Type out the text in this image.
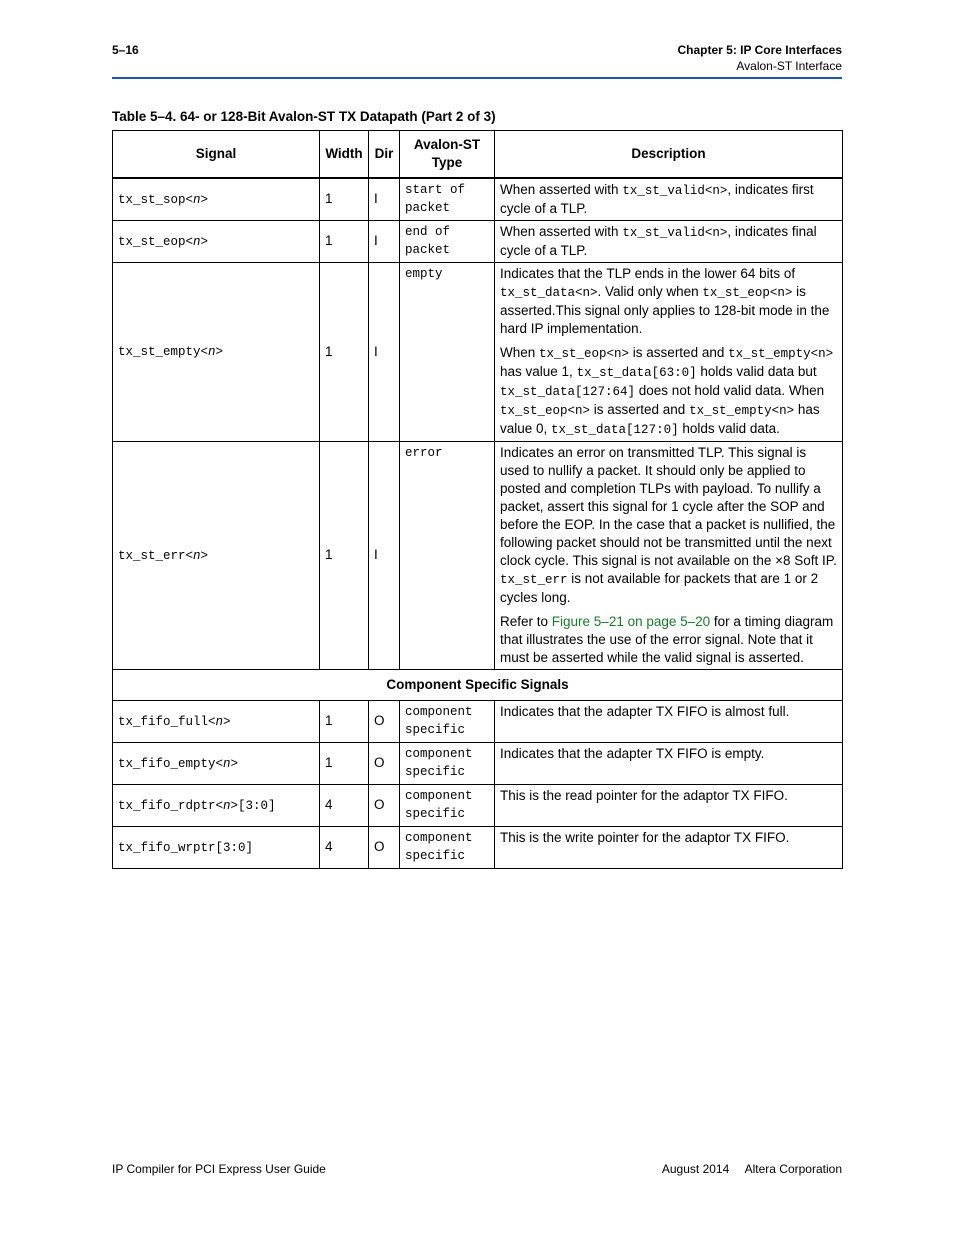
5–16	Chapter 5: IP Core Interfaces
Avalon-ST Interface
Table 5–4. 64- or 128-Bit Avalon-ST TX Datapath (Part 2 of 3)
Signal	Width	Dir	Avalon-ST Type	Description
tx_st_sop<n>	1	I	start of packet	When asserted with tx_st_valid<n>, indicates first cycle of a TLP.

tx_st_eop<n>	1	I	end of packet	When asserted with tx_st_valid<n>, indicates final cycle of a TLP.

tx_st_empty<n>	1	I	empty	Indicates that the TLP ends in the lower 64 bits of tx_st_data<n>. Valid only when tx_st_eop<n> is asserted.This signal only applies to 128-bit mode in the hard IP implementation.
When tx_st_eop<n> is asserted and tx_st_empty<n> has value 1, tx_st_data[63:0] holds valid data but tx_st_data[127:64] does not hold valid data. When tx_st_eop<n> is asserted and tx_st_empty<n> has value 0, tx_st_data[127:0] holds valid data.

tx_st_err<n>	1	I	error	Indicates an error on transmitted TLP. This signal is used to nullify a packet. It should only be applied to posted and completion TLPs with payload. To nullify a packet, assert this signal for 1 cycle after the SOP and before the EOP. In the case that a packet is nullified, the following packet should not be transmitted until the next clock cycle. This signal is not available on the ×8 Soft IP. tx_st_err is not available for packets that are 1 or 2 cycles long.
Refer to Figure 5–21 on page 5–20 for a timing diagram that illustrates the use of the error signal. Note that it must be asserted while the valid signal is asserted.

Component Specific Signals				
tx_fifo_full<n>	1	O	component specific	Indicates that the adapter TX FIFO is almost full.

tx_fifo_empty<n>	1	O	component specific	Indicates that the adapter TX FIFO is empty.

tx_fifo_rdptr<n>[3:0]	4	O	component specific	This is the read pointer for the adaptor TX FIFO.

tx_fifo_wrptr[3:0]	4	O	component specific	This is the write pointer for the adaptor TX FIFO.
IP Compiler for PCI Express User Guide	August 2014 Altera Corporation
